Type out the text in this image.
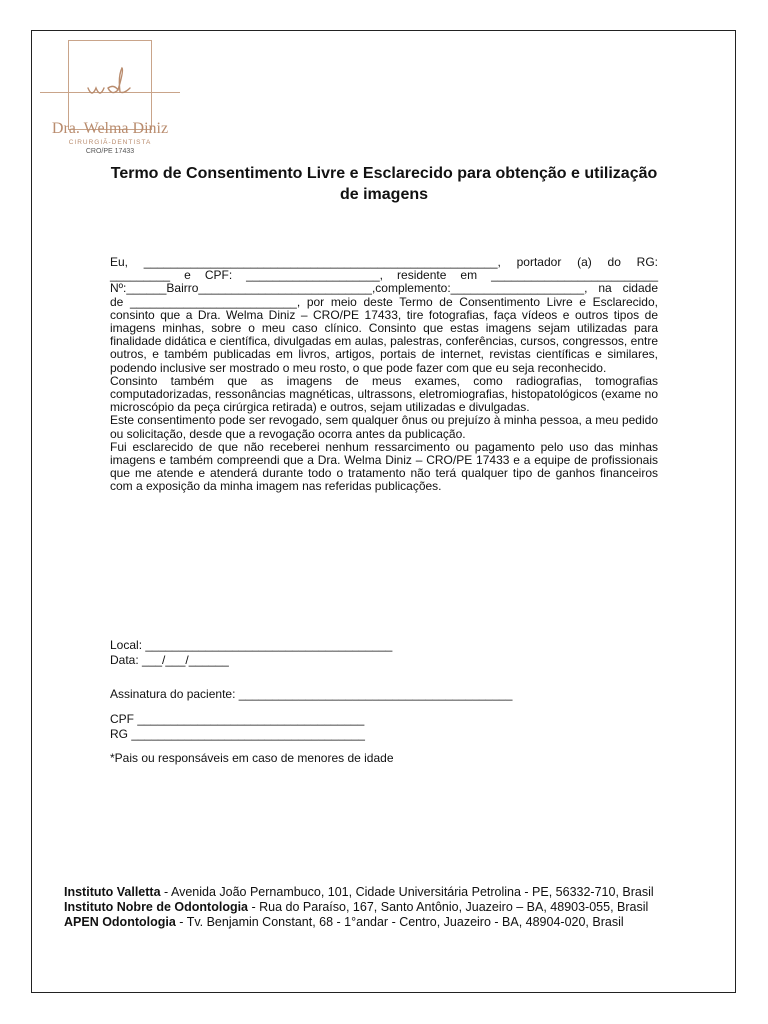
Dra. Welma Diniz
CIRURGIÃ-DENTISTA
CRO/PE 17433
Termo de Consentimento Livre e Esclarecido para obtenção e utilização de imagens

Eu, _____________________________________________________, portador (a) do RG: _________ e CPF: ____________________, residente em _________________________ Nº:______Bairro__________________________,complemento:____________________, na cidade de _________________________, por meio deste Termo de Consentimento Livre e Esclarecido, consinto que a Dra. Welma Diniz – CRO/PE 17433, tire fotografias, faça vídeos e outros tipos de imagens minhas, sobre o meu caso clínico. Consinto que estas imagens sejam utilizadas para finalidade didática e científica, divulgadas em aulas, palestras, conferências, cursos, congressos, entre outros, e também publicadas em livros, artigos, portais de internet, revistas científicas e similares, podendo inclusive ser mostrado o meu rosto, o que pode fazer com que eu seja reconhecido.

Consinto também que as imagens de meus exames, como radiografias, tomografias computadorizadas, ressonâncias magnéticas, ultrassons, eletromiografias, histopatológicos (exame no microscópio da peça cirúrgica retirada) e outros, sejam utilizadas e divulgadas.

Este consentimento pode ser revogado, sem qualquer ônus ou prejuízo à minha pessoa, a meu pedido ou solicitação, desde que a revogação ocorra antes da publicação.

Fui esclarecido de que não receberei nenhum ressarcimento ou pagamento pelo uso das minhas imagens e também compreendi que a Dra. Welma Diniz – CRO/PE 17433 e a equipe de profissionais que me atende e atenderá durante todo o tratamento não terá qualquer tipo de ganhos financeiros com a exposição da minha imagem nas referidas publicações.

Local: _____________________________________
Data: ___/___/______
Assinatura do paciente: _________________________________________
CPF __________________________________
RG ___________________________________
*Pais ou responsáveis em caso de menores de idade
Instituto Valletta - Avenida João Pernambuco, 101, Cidade Universitária Petrolina - PE, 56332-710, Brasil
Instituto Nobre de Odontologia - Rua do Paraíso, 167, Santo Antônio, Juazeiro – BA, 48903-055, Brasil
APEN Odontologia - Tv. Benjamin Constant, 68 - 1°andar - Centro, Juazeiro - BA, 48904-020, Brasil
